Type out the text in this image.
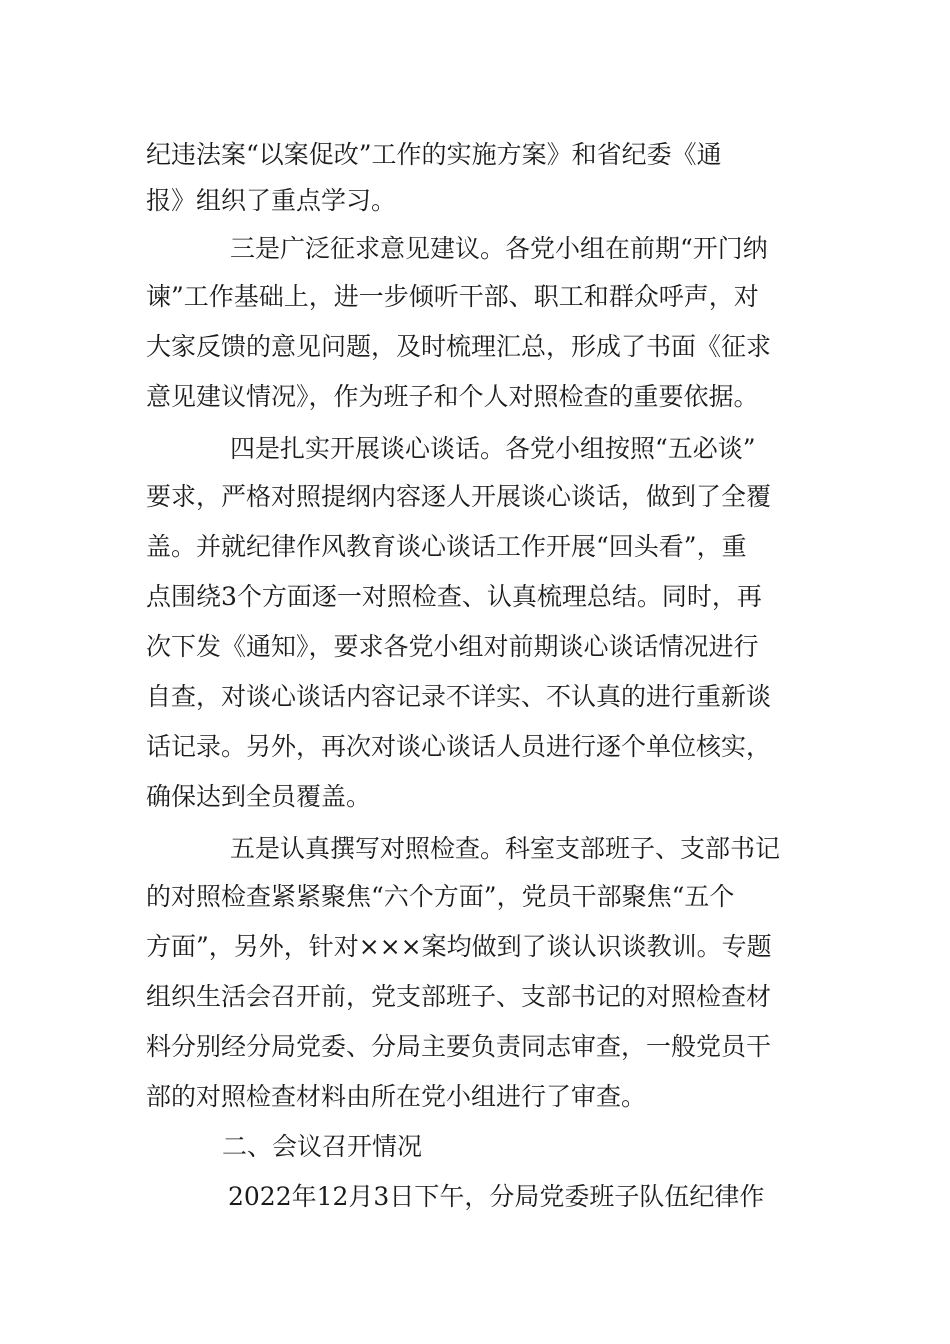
纪违法案“以案促改”工作的实施方案》和省纪委《通
报》组织了重点学习。
三是广泛征求意见建议。各党小组在前期“开门纳
谏”工作基础上，进一步倾听干部、职工和群众呼声，对
大家反馈的意见问题，及时梳理汇总，形成了书面《征求
意见建议情况》，作为班子和个人对照检查的重要依据。
四是扎实开展谈心谈话。各党小组按照“五必谈”
要求，严格对照提纲内容逐人开展谈心谈话，做到了全覆
盖。并就纪律作风教育谈心谈话工作开展“回头看”，重
点围绕3个方面逐一对照检查、认真梳理总结。同时，再
次下发《通知》，要求各党小组对前期谈心谈话情况进行
自查，对谈心谈话内容记录不详实、不认真的进行重新谈
话记录。另外，再次对谈心谈话人员进行逐个单位核实，
确保达到全员覆盖。
五是认真撰写对照检查。科室支部班子、支部书记
的对照检查紧紧聚焦“六个方面”，党员干部聚焦“五个
方面”，另外，针对×××案均做到了谈认识谈教训。专题
组织生活会召开前，党支部班子、支部书记的对照检查材
料分别经分局党委、分局主要负责同志审查，一般党员干
部的对照检查材料由所在党小组进行了审查。
二、会议召开情况
2022年12月3日下午，分局党委班子队伍纪律作
